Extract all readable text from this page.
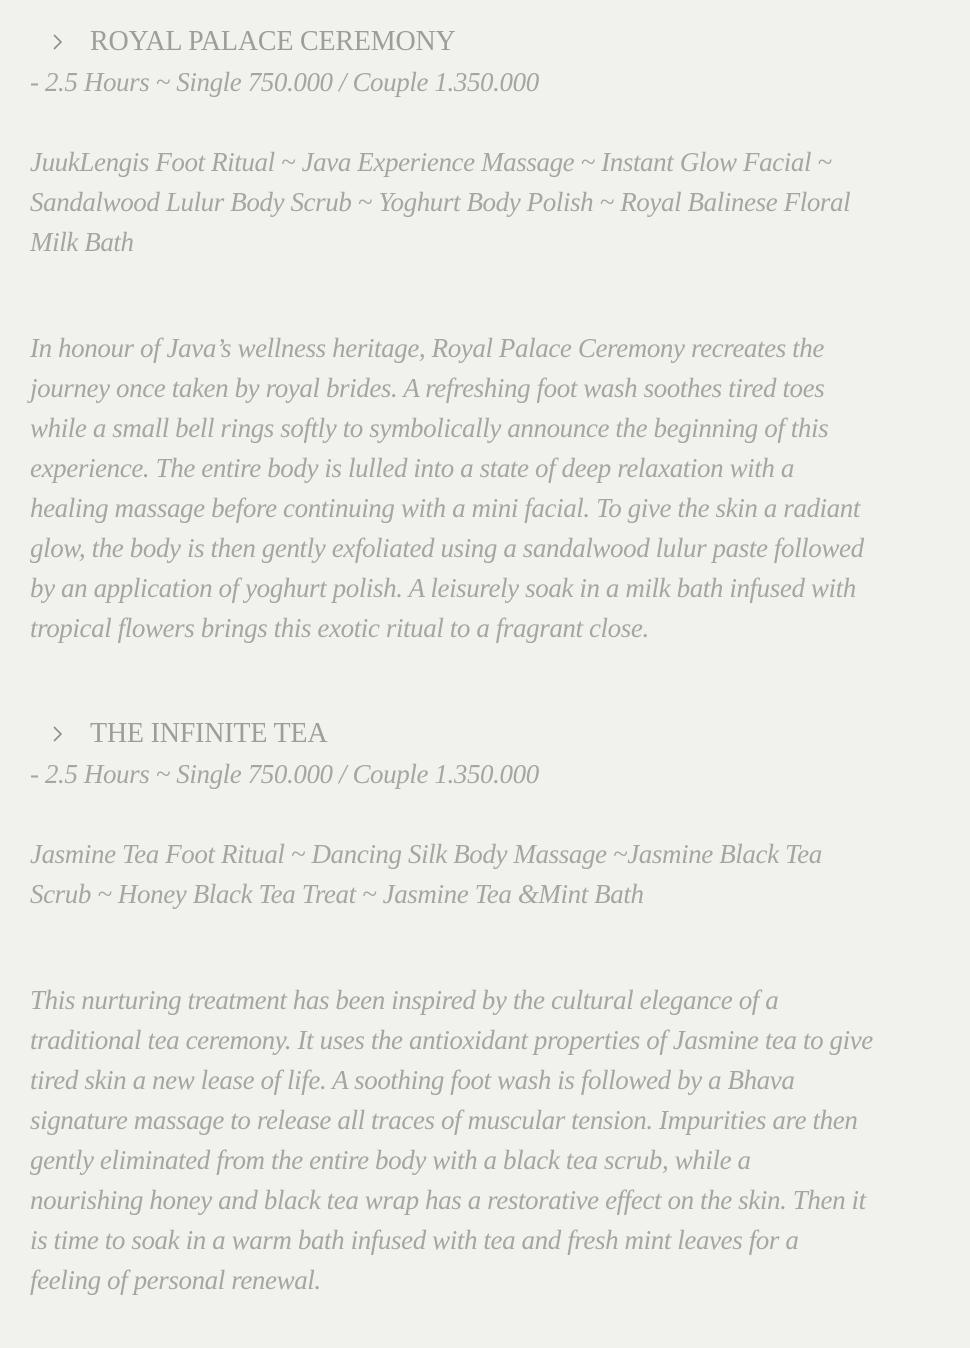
ROYAL PALACE CEREMONY
- 2.5 Hours ~ Single 750.000 / Couple 1.350.000
JuukLengis Foot Ritual ~ Java Experience Massage ~ Instant Glow Facial ~
Sandalwood Lulur Body Scrub ~ Yoghurt Body Polish ~ Royal Balinese Floral
Milk Bath
In honour of Java’s wellness heritage, Royal Palace Ceremony recreates the
journey once taken by royal brides. A refreshing foot wash soothes tired toes
while a small bell rings softly to symbolically announce the beginning of this
experience. The entire body is lulled into a state of deep relaxation with a
healing massage before continuing with a mini facial. To give the skin a radiant
glow, the body is then gently exfoliated using a sandalwood lulur paste followed
by an application of yoghurt polish. A leisurely soak in a milk bath infused with
tropical flowers brings this exotic ritual to a fragrant close.
THE INFINITE TEA
- 2.5 Hours ~ Single 750.000 / Couple 1.350.000
Jasmine Tea Foot Ritual ~ Dancing Silk Body Massage ~Jasmine Black Tea
Scrub ~ Honey Black Tea Treat ~ Jasmine Tea &Mint Bath
This nurturing treatment has been inspired by the cultural elegance of a
traditional tea ceremony. It uses the antioxidant properties of Jasmine tea to give
tired skin a new lease of life. A soothing foot wash is followed by a Bhava
signature massage to release all traces of muscular tension. Impurities are then
gently eliminated from the entire body with a black tea scrub, while a
nourishing honey and black tea wrap has a restorative effect on the skin. Then it
is time to soak in a warm bath infused with tea and fresh mint leaves for a
feeling of personal renewal.
